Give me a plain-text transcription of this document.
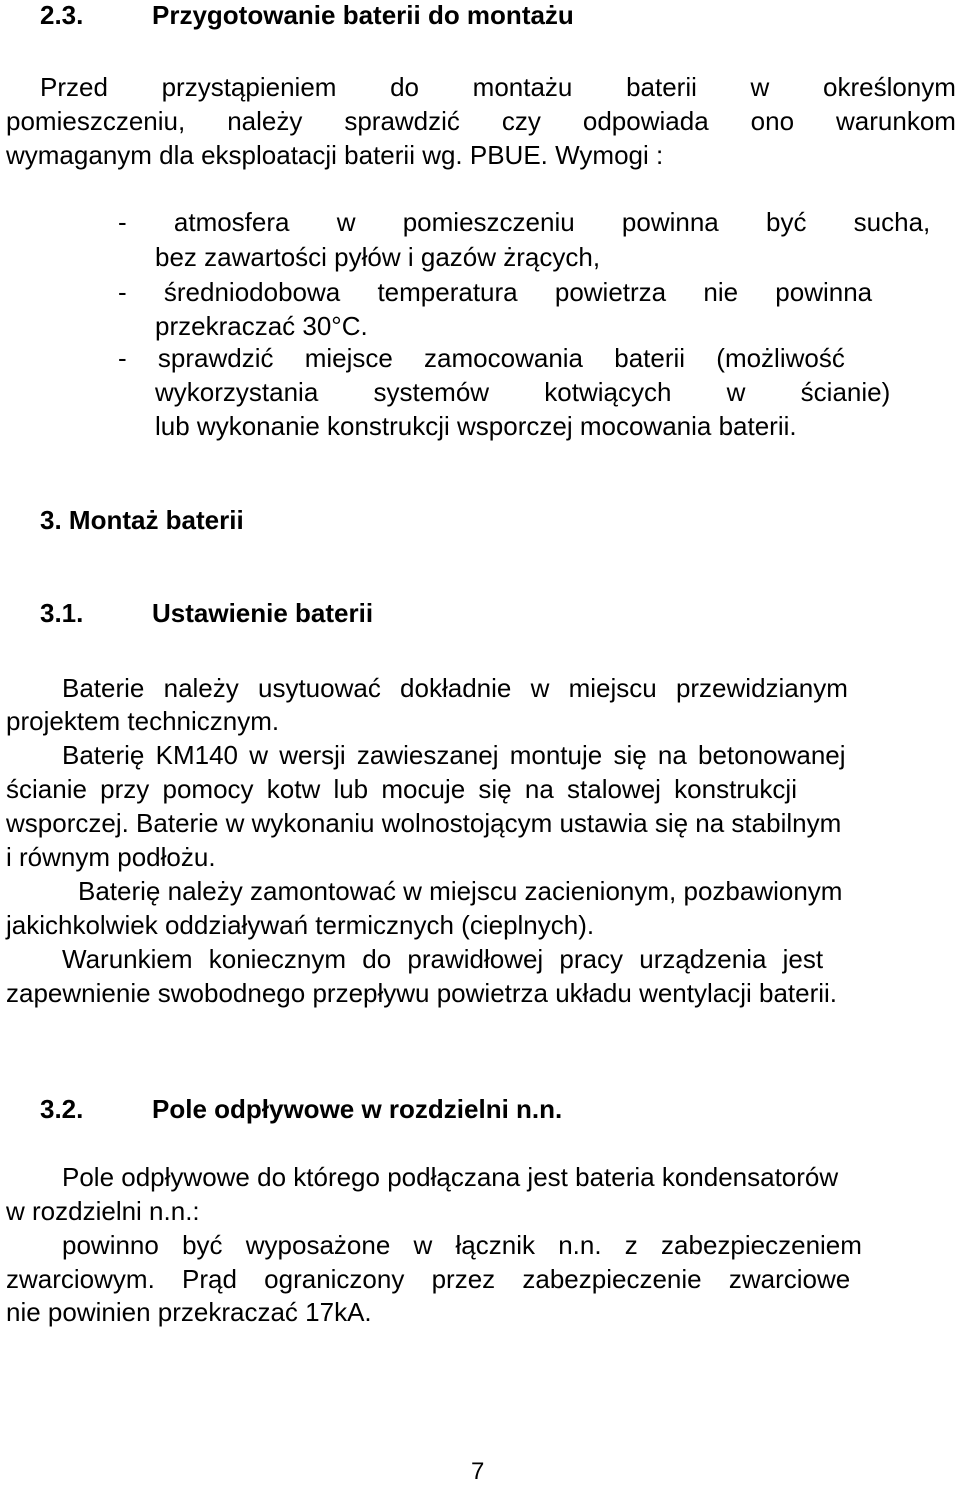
2.3.	Przygotowanie baterii do montażu
Przed przystąpieniem do montażu baterii w określonym
pomieszczeniu, należy sprawdzić czy odpowiada ono warunkom
wymaganym dla eksploatacji baterii wg. PBUE. Wymogi :
- atmosfera w pomieszczeniu powinna być sucha,
bez zawartości pyłów i gazów żrących,
- średniodobowa temperatura powietrza nie powinna
przekraczać 30°C.
- sprawdzić miejsce zamocowania baterii (możliwość
wykorzystania systemów kotwiących w ścianie)
lub wykonanie konstrukcji wsporczej mocowania baterii.
3. Montaż baterii
3.1.	Ustawienie baterii
Baterie należy usytuować dokładnie w miejscu przewidzianym
projektem technicznym.
Baterię KM140 w wersji zawieszanej montuje się na betonowanej
ścianie przy pomocy kotw lub mocuje się na stalowej konstrukcji
wsporczej. Baterie w wykonaniu wolnostojącym ustawia się na stabilnym
i równym podłożu.
Baterię należy zamontować w miejscu zacienionym, pozbawionym
jakichkolwiek oddziaływań termicznych (cieplnych).
Warunkiem koniecznym do prawidłowej pracy urządzenia jest
zapewnienie swobodnego przepływu powietrza układu wentylacji baterii.
3.2.	Pole odpływowe w rozdzielni n.n.
Pole odpływowe do którego podłączana jest bateria kondensatorów
w rozdzielni n.n.:
powinno być wyposażone w łącznik n.n. z zabezpieczeniem
zwarciowym. Prąd ograniczony przez zabezpieczenie zwarciowe
nie powinien przekraczać 17kA.
7
